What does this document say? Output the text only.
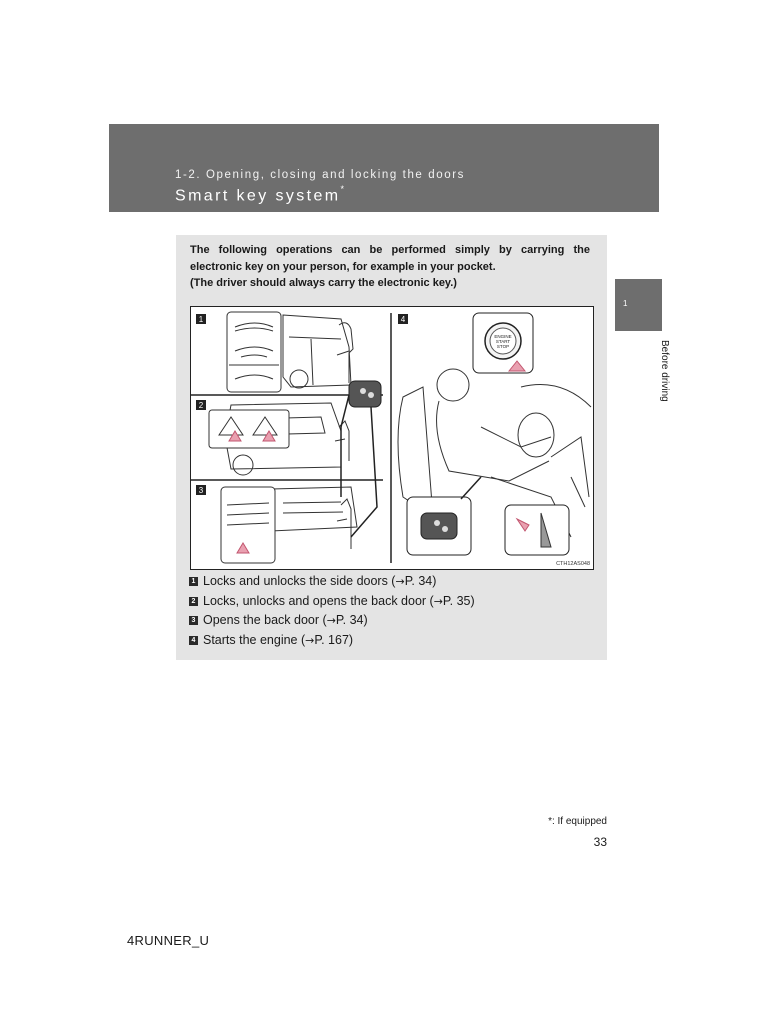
1-2. Opening, closing and locking the doors
Smart key system*
1
Before driving

The following operations can be performed simply by carrying the electronic key on your person, for example in your pocket.
(The driver should always carry the electronic key.)

1
2
3
4
ENGINE
START
STOP
CTH12AS048
1 Locks and unlocks the side doors ( → P. 34)
2 Locks, unlocks and opens the back door ( → P. 35)
3 Opens the back door ( → P. 34)
4 Starts the engine ( → P. 167)
*: If equipped
33
4RUNNER_U
